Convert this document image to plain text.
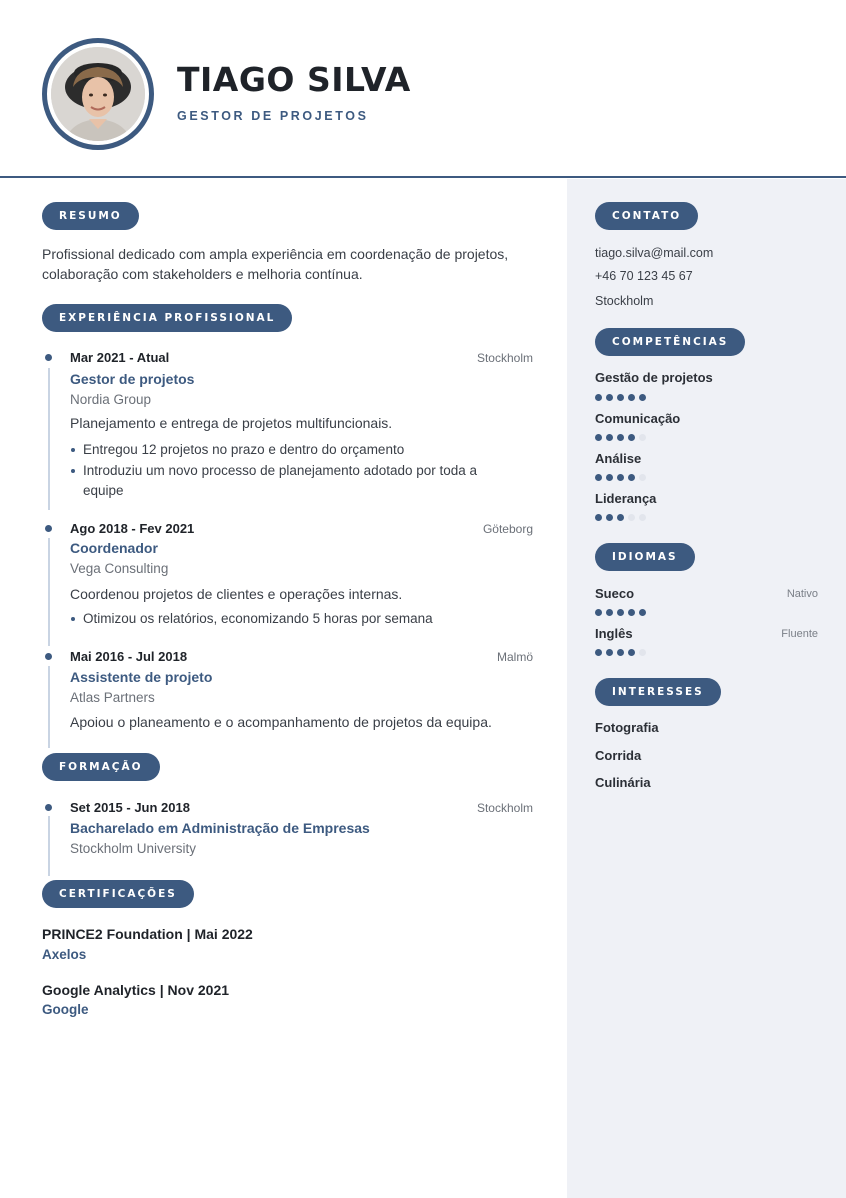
TIAGO SILVA
GESTOR DE PROJETOS
RESUMO
Profissional dedicado com ampla experiência em coordenação de projetos,
colaboração com stakeholders e melhoria contínua.
EXPERIÊNCIA PROFISSIONAL
Mar 2021 - Atual	Stockholm
Gestor de projetos
Nordia Group
Planejamento e entrega de projetos multifuncionais.
Entregou 12 projetos no prazo e dentro do orçamento
Introduziu um novo processo de planejamento adotado por toda a
equipe
Ago 2018 - Fev 2021	Göteborg
Coordenador
Vega Consulting
Coordenou projetos de clientes e operações internas.
Otimizou os relatórios, economizando 5 horas por semana
Mai 2016 - Jul 2018	Malmö
Assistente de projeto
Atlas Partners
Apoiou o planeamento e o acompanhamento de projetos da equipa.
FORMAÇÃO
Set 2015 - Jun 2018	Stockholm
Bacharelado em Administração de Empresas
Stockholm University
CERTIFICAÇÕES
PRINCE2 Foundation | Mai 2022
Axelos
Google Analytics | Nov 2021
Google
CONTATO
tiago.silva@mail.com
+46 70 123 45 67
Stockholm
COMPETÊNCIAS
Gestão de projetos
Comunicação
Análise
Liderança
IDIOMAS
Sueco	Nativo
Inglês	Fluente
INTERESSES
Fotografia
Corrida
Culinária
